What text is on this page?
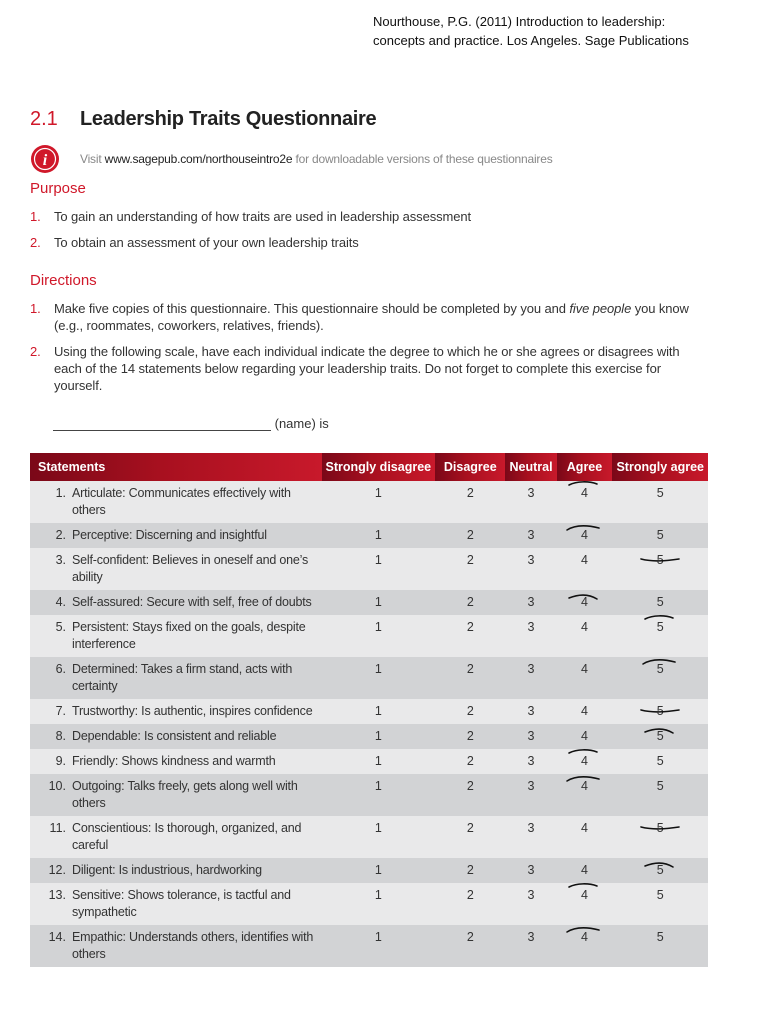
Nourthouse, P.G. (2011) Introduction to leadership:
concepts and practice. Los Angeles. Sage Publications
2.1	Leadership Traits Questionnaire
i	Visit www.sagepub.com/northouseintro2e for downloadable versions of these questionnaires
Purpose
1.	To gain an understanding of how traits are used in leadership assessment
2.	To obtain an assessment of your own leadership traits
Directions
1.	Make five copies of this questionnaire. This questionnaire should be completed by you and five people you know (e.g., roommates, coworkers, relatives, friends).
2.	Using the following scale, have each individual indicate the degree to which he or she agrees or disagrees with each of the 14 statements below regarding your leadership traits. Do not forget to complete this exercise for yourself.
(name) is
Statements	Strongly disagree	Disagree	Neutral	Agree	Strongly agree

1. Articulate: Communicates effectively with others	1	2	3	4	5

2. Perceptive: Discerning and insightful	1	2	3	4	5

3. Self-confident: Believes in oneself and one’s ability	1	2	3	4	5

4. Self-assured: Secure with self, free of doubts	1	2	3	4	5

5. Persistent: Stays fixed on the goals, despite interference	1	2	3	4	5

6. Determined: Takes a firm stand, acts with certainty	1	2	3	4	5

7. Trustworthy: Is authentic, inspires confidence	1	2	3	4	5

8. Dependable: Is consistent and reliable	1	2	3	4	5

9. Friendly: Shows kindness and warmth	1	2	3	4	5

10. Outgoing: Talks freely, gets along well with others	1	2	3	4	5

11. Conscientious: Is thorough, organized, and careful	1	2	3	4	5

12. Diligent: Is industrious, hardworking	1	2	3	4	5

13. Sensitive: Shows tolerance, is tactful and sympathetic	1	2	3	4	5

14. Empathic: Understands others, identifies with others	1	2	3	4	5
